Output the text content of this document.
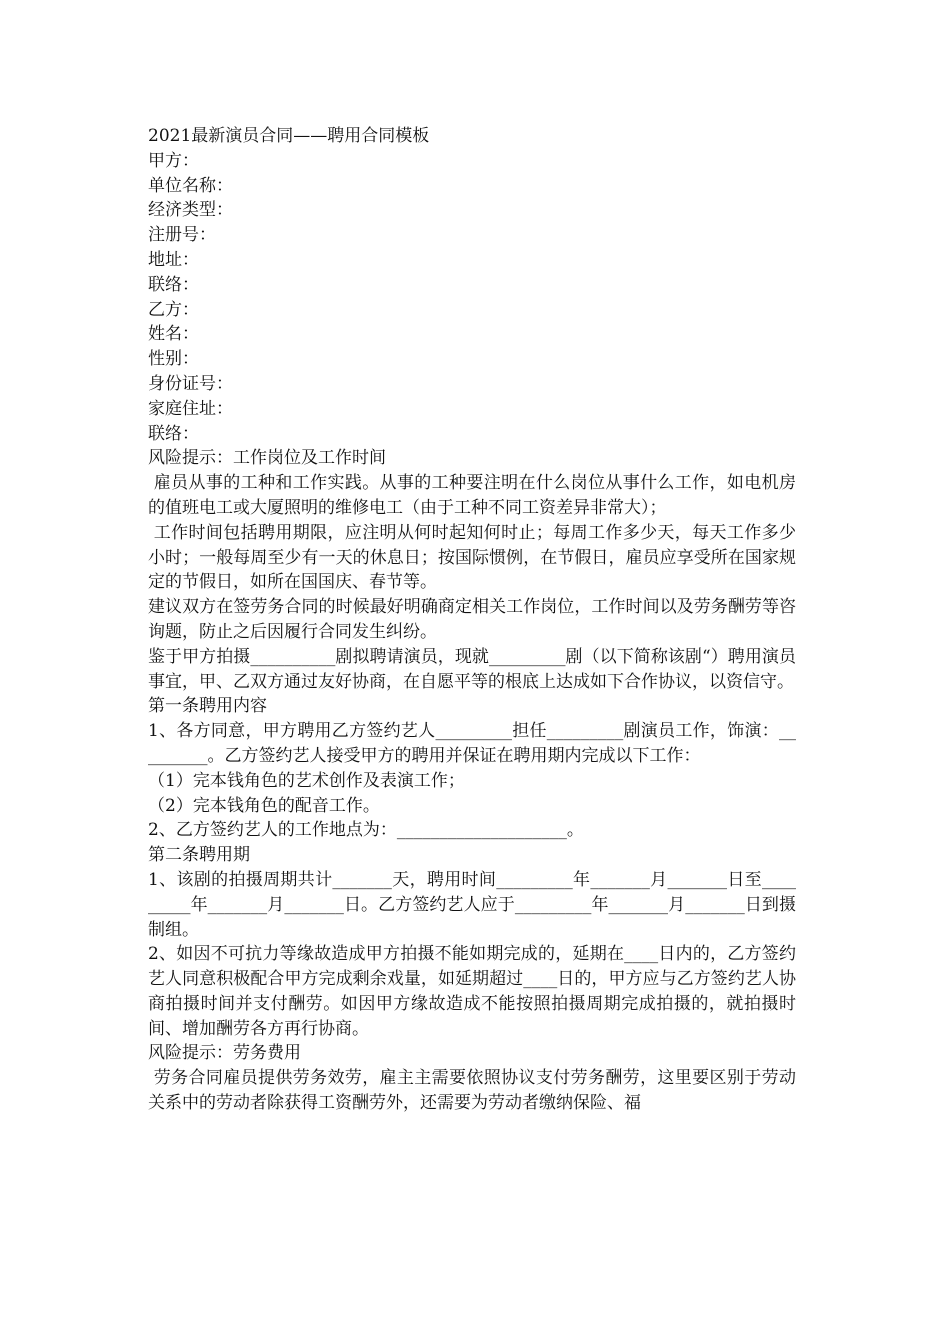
2021最新演员合同——聘用合同模板

甲方：

单位名称：

经济类型：

注册号：

地址：

联络：

乙方：

姓名：

性别：

身份证号：

家庭住址：

联络：

风险提示：工作岗位及工作时间

雇员从事的工种和工作实践。从事的工种要注明在什么岗位从事什么工作，如电机房的值班电工或大厦照明的维修电工（由于工种不同工资差异非常大）；

工作时间包括聘用期限，应注明从何时起知何时止；每周工作多少天，每天工作多少小时；一般每周至少有一天的休息日；按国际惯例，在节假日，雇员应享受所在国家规定的节假日，如所在国国庆、春节等。

建议双方在签劳务合同的时候最好明确商定相关工作岗位，工作时间以及劳务酬劳等咨询题，防止之后因履行合同发生纠纷。

鉴于甲方拍摄__________剧拟聘请演员，现就_________剧（以下简称该剧“）聘用演员事宜，甲、乙双方通过友好协商，在自愿平等的根底上达成如下合作协议，以资信守。

第一条聘用内容

1、各方同意，甲方聘用乙方签约艺人_________担任_________剧演员工作，饰演：_________。乙方签约艺人接受甲方的聘用并保证在聘用期内完成以下工作：

（1）完本钱角色的艺术创作及表演工作；

（2）完本钱角色的配音工作。

2、乙方签约艺人的工作地点为：____________________。

第二条聘用期

1、该剧的拍摄周期共计_______天，聘用时间_________年_______月_______日至_________年_______月_______日。乙方签约艺人应于_________年_______月_______日到摄制组。

2、如因不可抗力等缘故造成甲方拍摄不能如期完成的，延期在____日内的，乙方签约艺人同意积极配合甲方完成剩余戏量，如延期超过____日的，甲方应与乙方签约艺人协商拍摄时间并支付酬劳。如因甲方缘故造成不能按照拍摄周期完成拍摄的，就拍摄时间、增加酬劳各方再行协商。

风险提示：劳务费用

劳务合同雇员提供劳务效劳，雇主主需要依照协议支付劳务酬劳，这里要区别于劳动关系中的劳动者除获得工资酬劳外，还需要为劳动者缴纳保险、福
